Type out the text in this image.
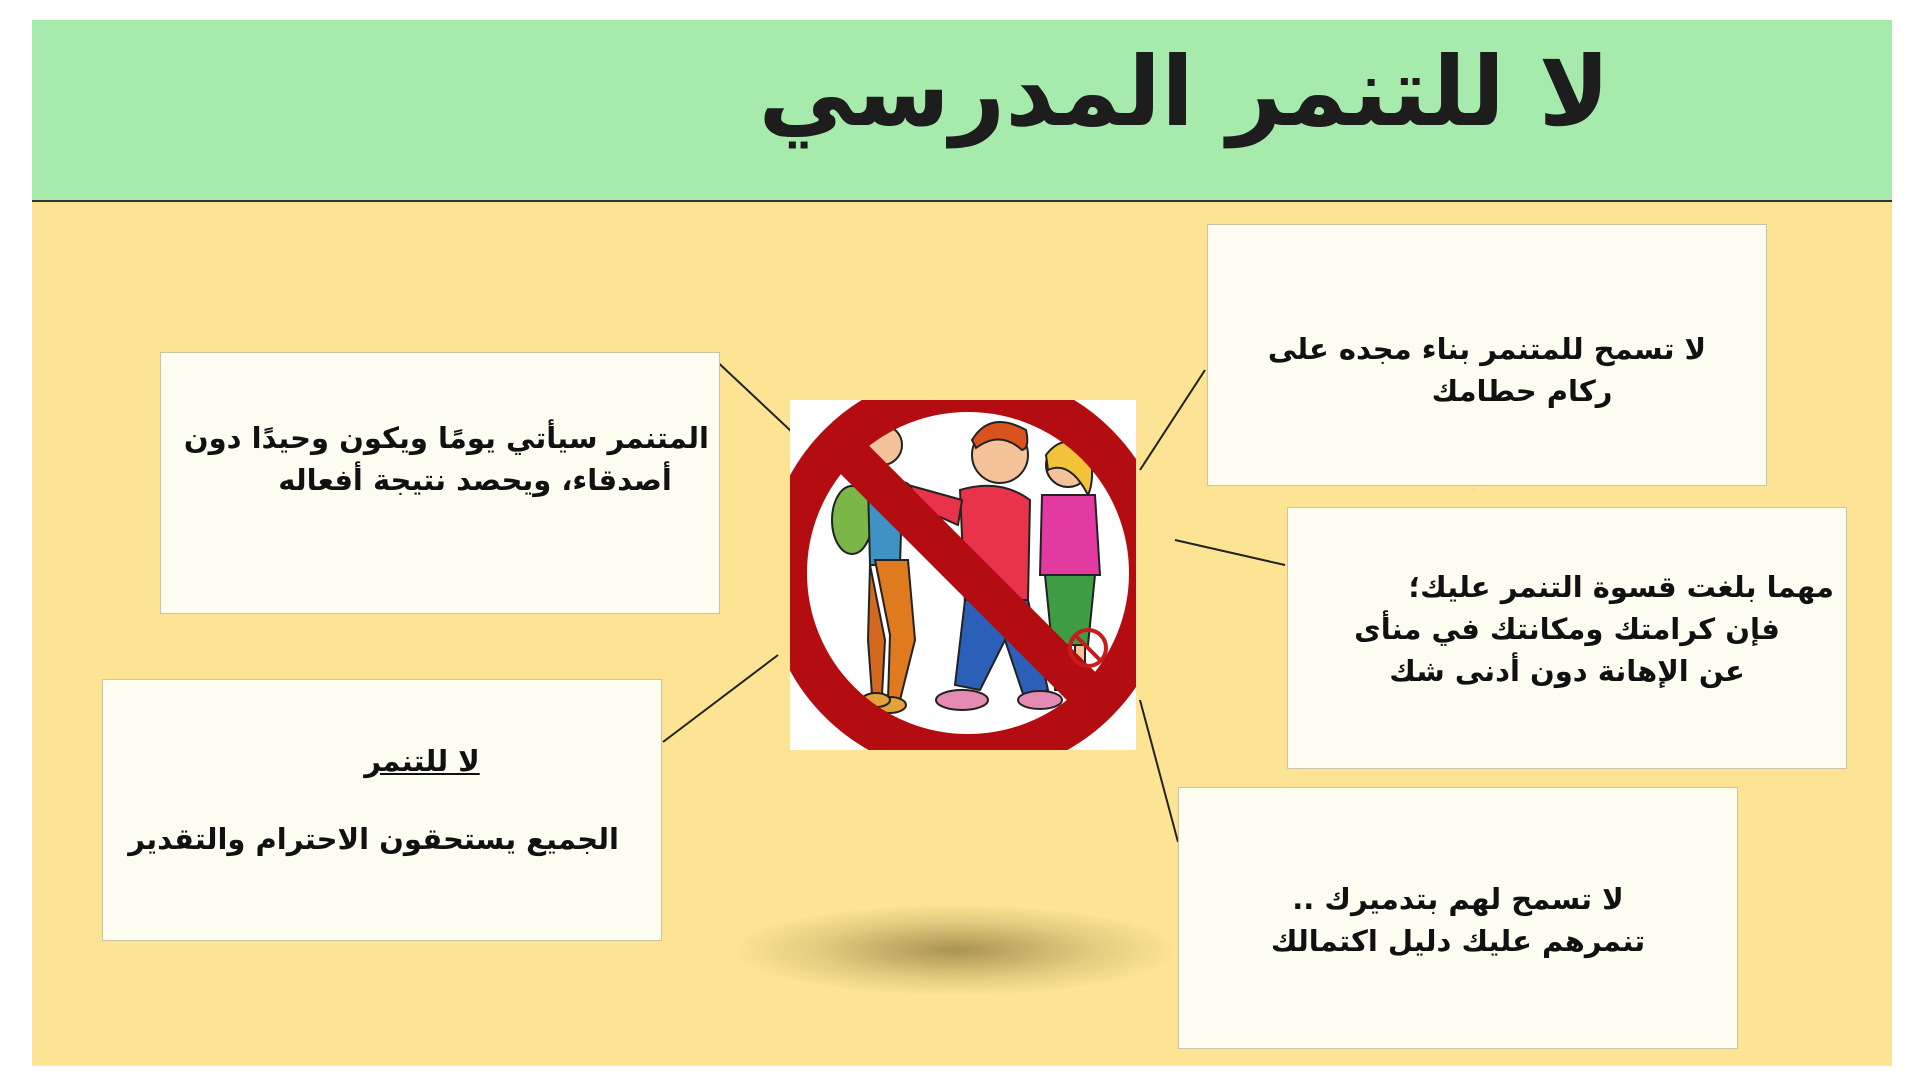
لا للتنمر المدرسي

لا تسمح للمتنمر بناء مجده على

ركام حطامك

…

مهما بلغت قسوة التنمر عليك؛

فإن كرامتك ومكانتك في منأى

عن الإهانة دون أدنى شك

لا تسمح لهم بتدميرك ..

تنمرهم عليك دليل اكتمالك

المتنمر سيأتي يومًا ويكون وحيدًا دون

أصدقاء، ويحصد نتيجة أفعاله

لا للتنمر

الجميع يستحقون الاحترام والتقدير
